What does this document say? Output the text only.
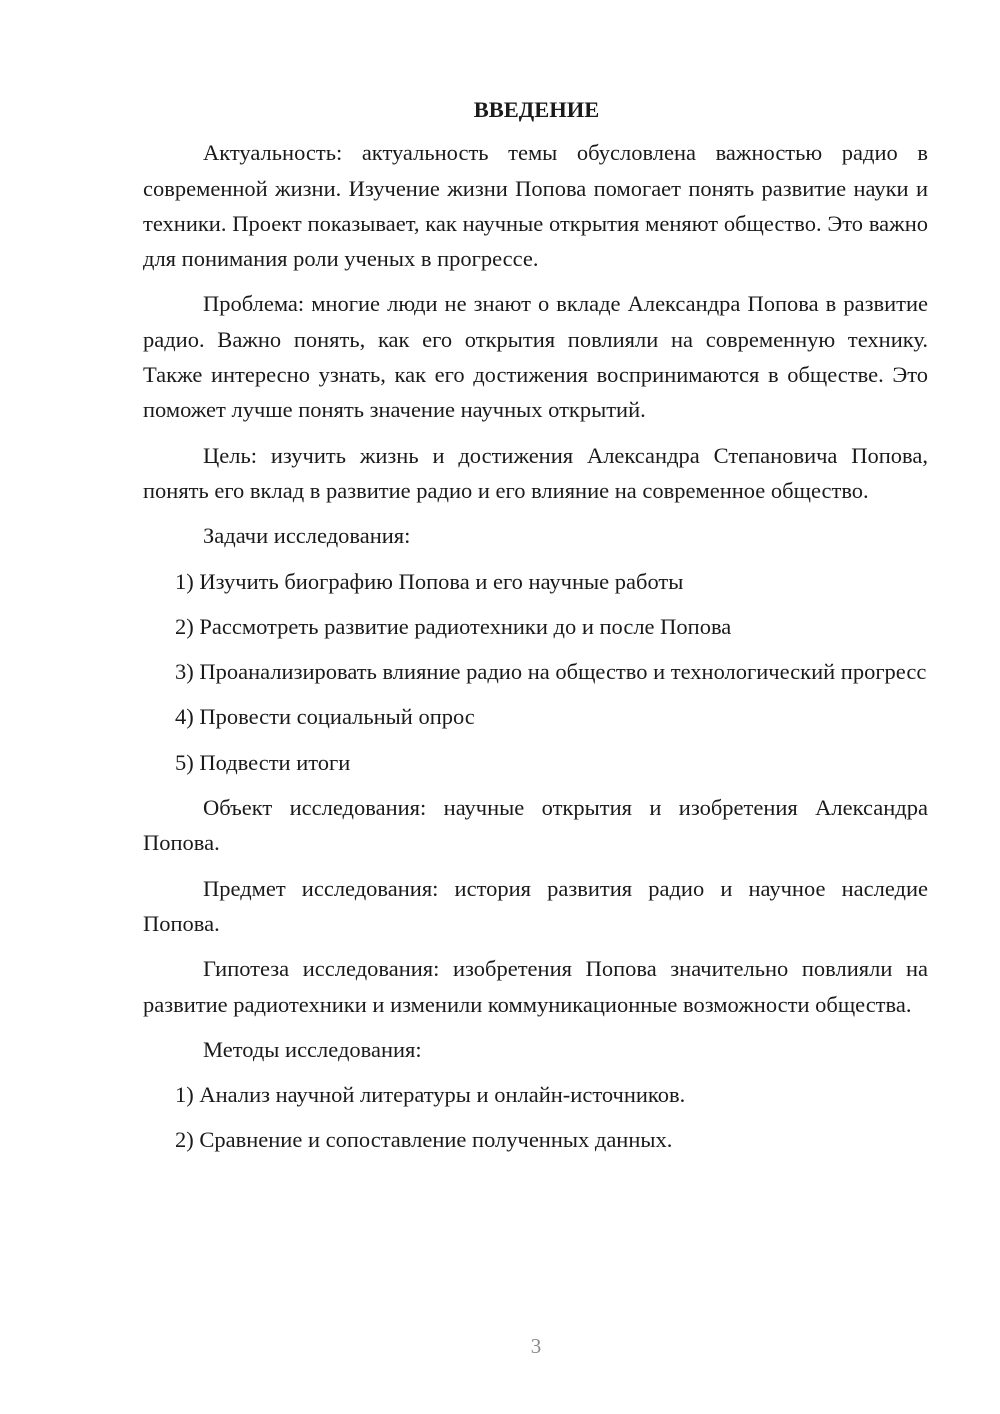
ВВЕДЕНИЕ

Актуальность: актуальность темы обусловлена важностью радио в современной жизни. Изучение жизни Попова помогает понять развитие науки и техники. Проект показывает, как научные открытия меняют общество. Это важно для понимания роли ученых в прогрессе.

Проблема: многие люди не знают о вкладе Александра Попова в развитие радио. Важно понять, как его открытия повлияли на современную технику. Также интересно узнать, как его достижения воспринимаются в обществе. Это поможет лучше понять значение научных открытий.

Цель: изучить жизнь и достижения Александра Степановича Попова, понять его вклад в развитие радио и его влияние на современное общество.

Задачи исследования:

1) Изучить биографию Попова и его научные работы

2) Рассмотреть развитие радиотехники до и после Попова

3) Проанализировать влияние радио на общество и технологический прогресс

4) Провести социальный опрос

5) Подвести итоги

Объект исследования: научные открытия и изобретения Александра Попова.

Предмет исследования: история развития радио и научное наследие Попова.

Гипотеза исследования: изобретения Попова значительно повлияли на развитие радиотехники и изменили коммуникационные возможности общества.

Методы исследования:

1) Анализ научной литературы и онлайн-источников.

2) Сравнение и сопоставление полученных данных.

3
